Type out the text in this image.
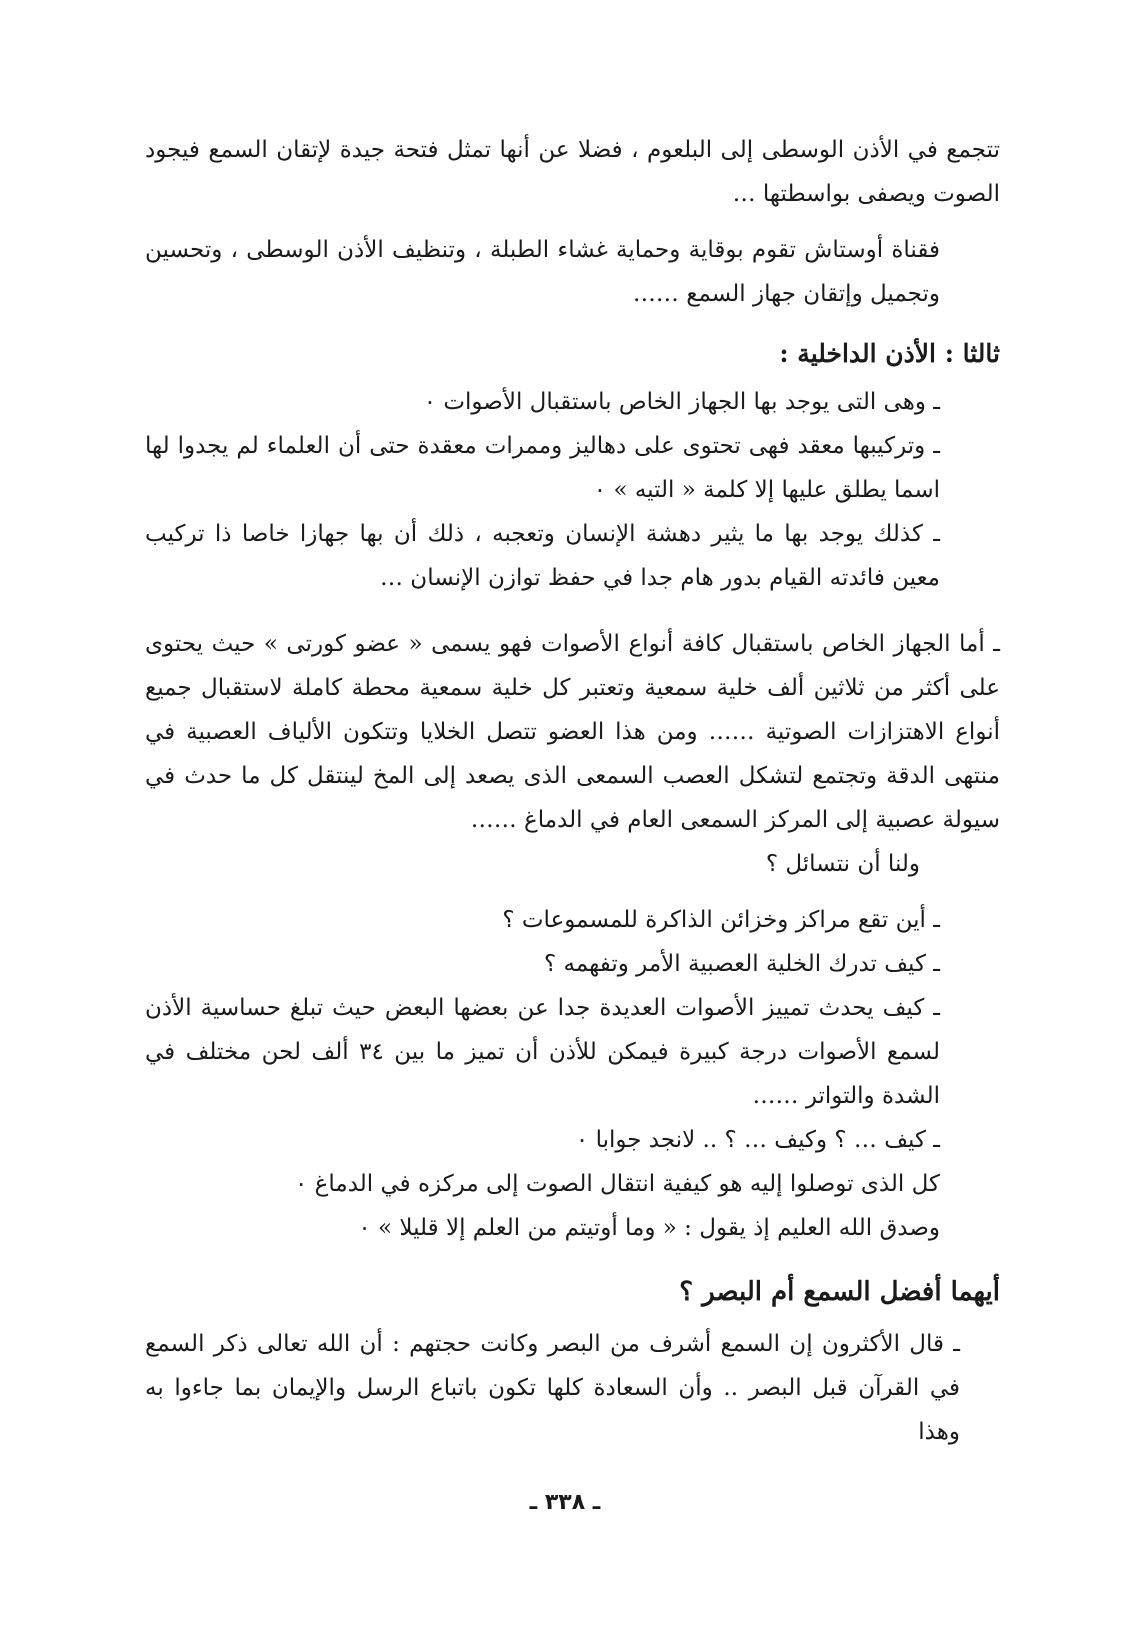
تتجمع في الأذن الوسطى إلى البلعوم ، فضلا عن أنها تمثل فتحة جيدة لإتقان السمع فيجود الصوت ويصفى بواسطتها …

فقناة أوستاش تقوم بوقاية وحماية غشاء الطبلة ، وتنظيف الأذن الوسطى ، وتحسين وتجميل وإتقان جهاز السمع ……

ثالثا : الأذن الداخلية :

ـ وهى التى يوجد بها الجهاز الخاص باستقبال الأصوات ٠

ـ وتركيبها معقد فهى تحتوى على دهاليز وممرات معقدة حتى أن العلماء لم يجدوا لها اسما يطلق عليها إلا كلمة « التيه » ٠

ـ كذلك يوجد بها ما يثير دهشة الإنسان وتعجبه ، ذلك أن بها جهازا خاصا ذا تركيب معين فائدته القيام بدور هام جدا في حفظ توازن الإنسان …

ـ أما الجهاز الخاص باستقبال كافة أنواع الأصوات فهو يسمى « عضو كورتى » حيث يحتوى على أكثر من ثلاثين ألف خلية سمعية وتعتبر كل خلية سمعية محطة كاملة لاستقبال جميع أنواع الاهتزازات الصوتية …… ومن هذا العضو تتصل الخلايا وتتكون الألياف العصبية في منتهى الدقة وتجتمع لتشكل العصب السمعى الذى يصعد إلى المخ لينتقل كل ما حدث في سيولة عصبية إلى المركز السمعى العام في الدماغ ……

ولنا أن نتسائل ؟

ـ أين تقع مراكز وخزائن الذاكرة للمسموعات ؟

ـ كيف تدرك الخلية العصبية الأمر وتفهمه ؟

ـ كيف يحدث تمييز الأصوات العديدة جدا عن بعضها البعض حيث تبلغ حساسية الأذن لسمع الأصوات درجة كبيرة فيمكن للأذن أن تميز ما بين ٣٤ ألف لحن مختلف في الشدة والتواتر ……

ـ كيف … ؟ وكيف … ؟ .. لانجد جوابا ٠

كل الذى توصلوا إليه هو كيفية انتقال الصوت إلى مركزه في الدماغ ٠

وصدق الله العليم إذ يقول : « وما أوتيتم من العلم إلا قليلا » ٠

أيهما أفضل السمع أم البصر ؟

ـ قال الأكثرون إن السمع أشرف من البصر وكانت حجتهم : أن الله تعالى ذكر السمع في القرآن قبل البصر .. وأن السعادة كلها تكون باتباع الرسل والإيمان بما جاءوا به وهذا

ـ ٣٣٨ ـ
